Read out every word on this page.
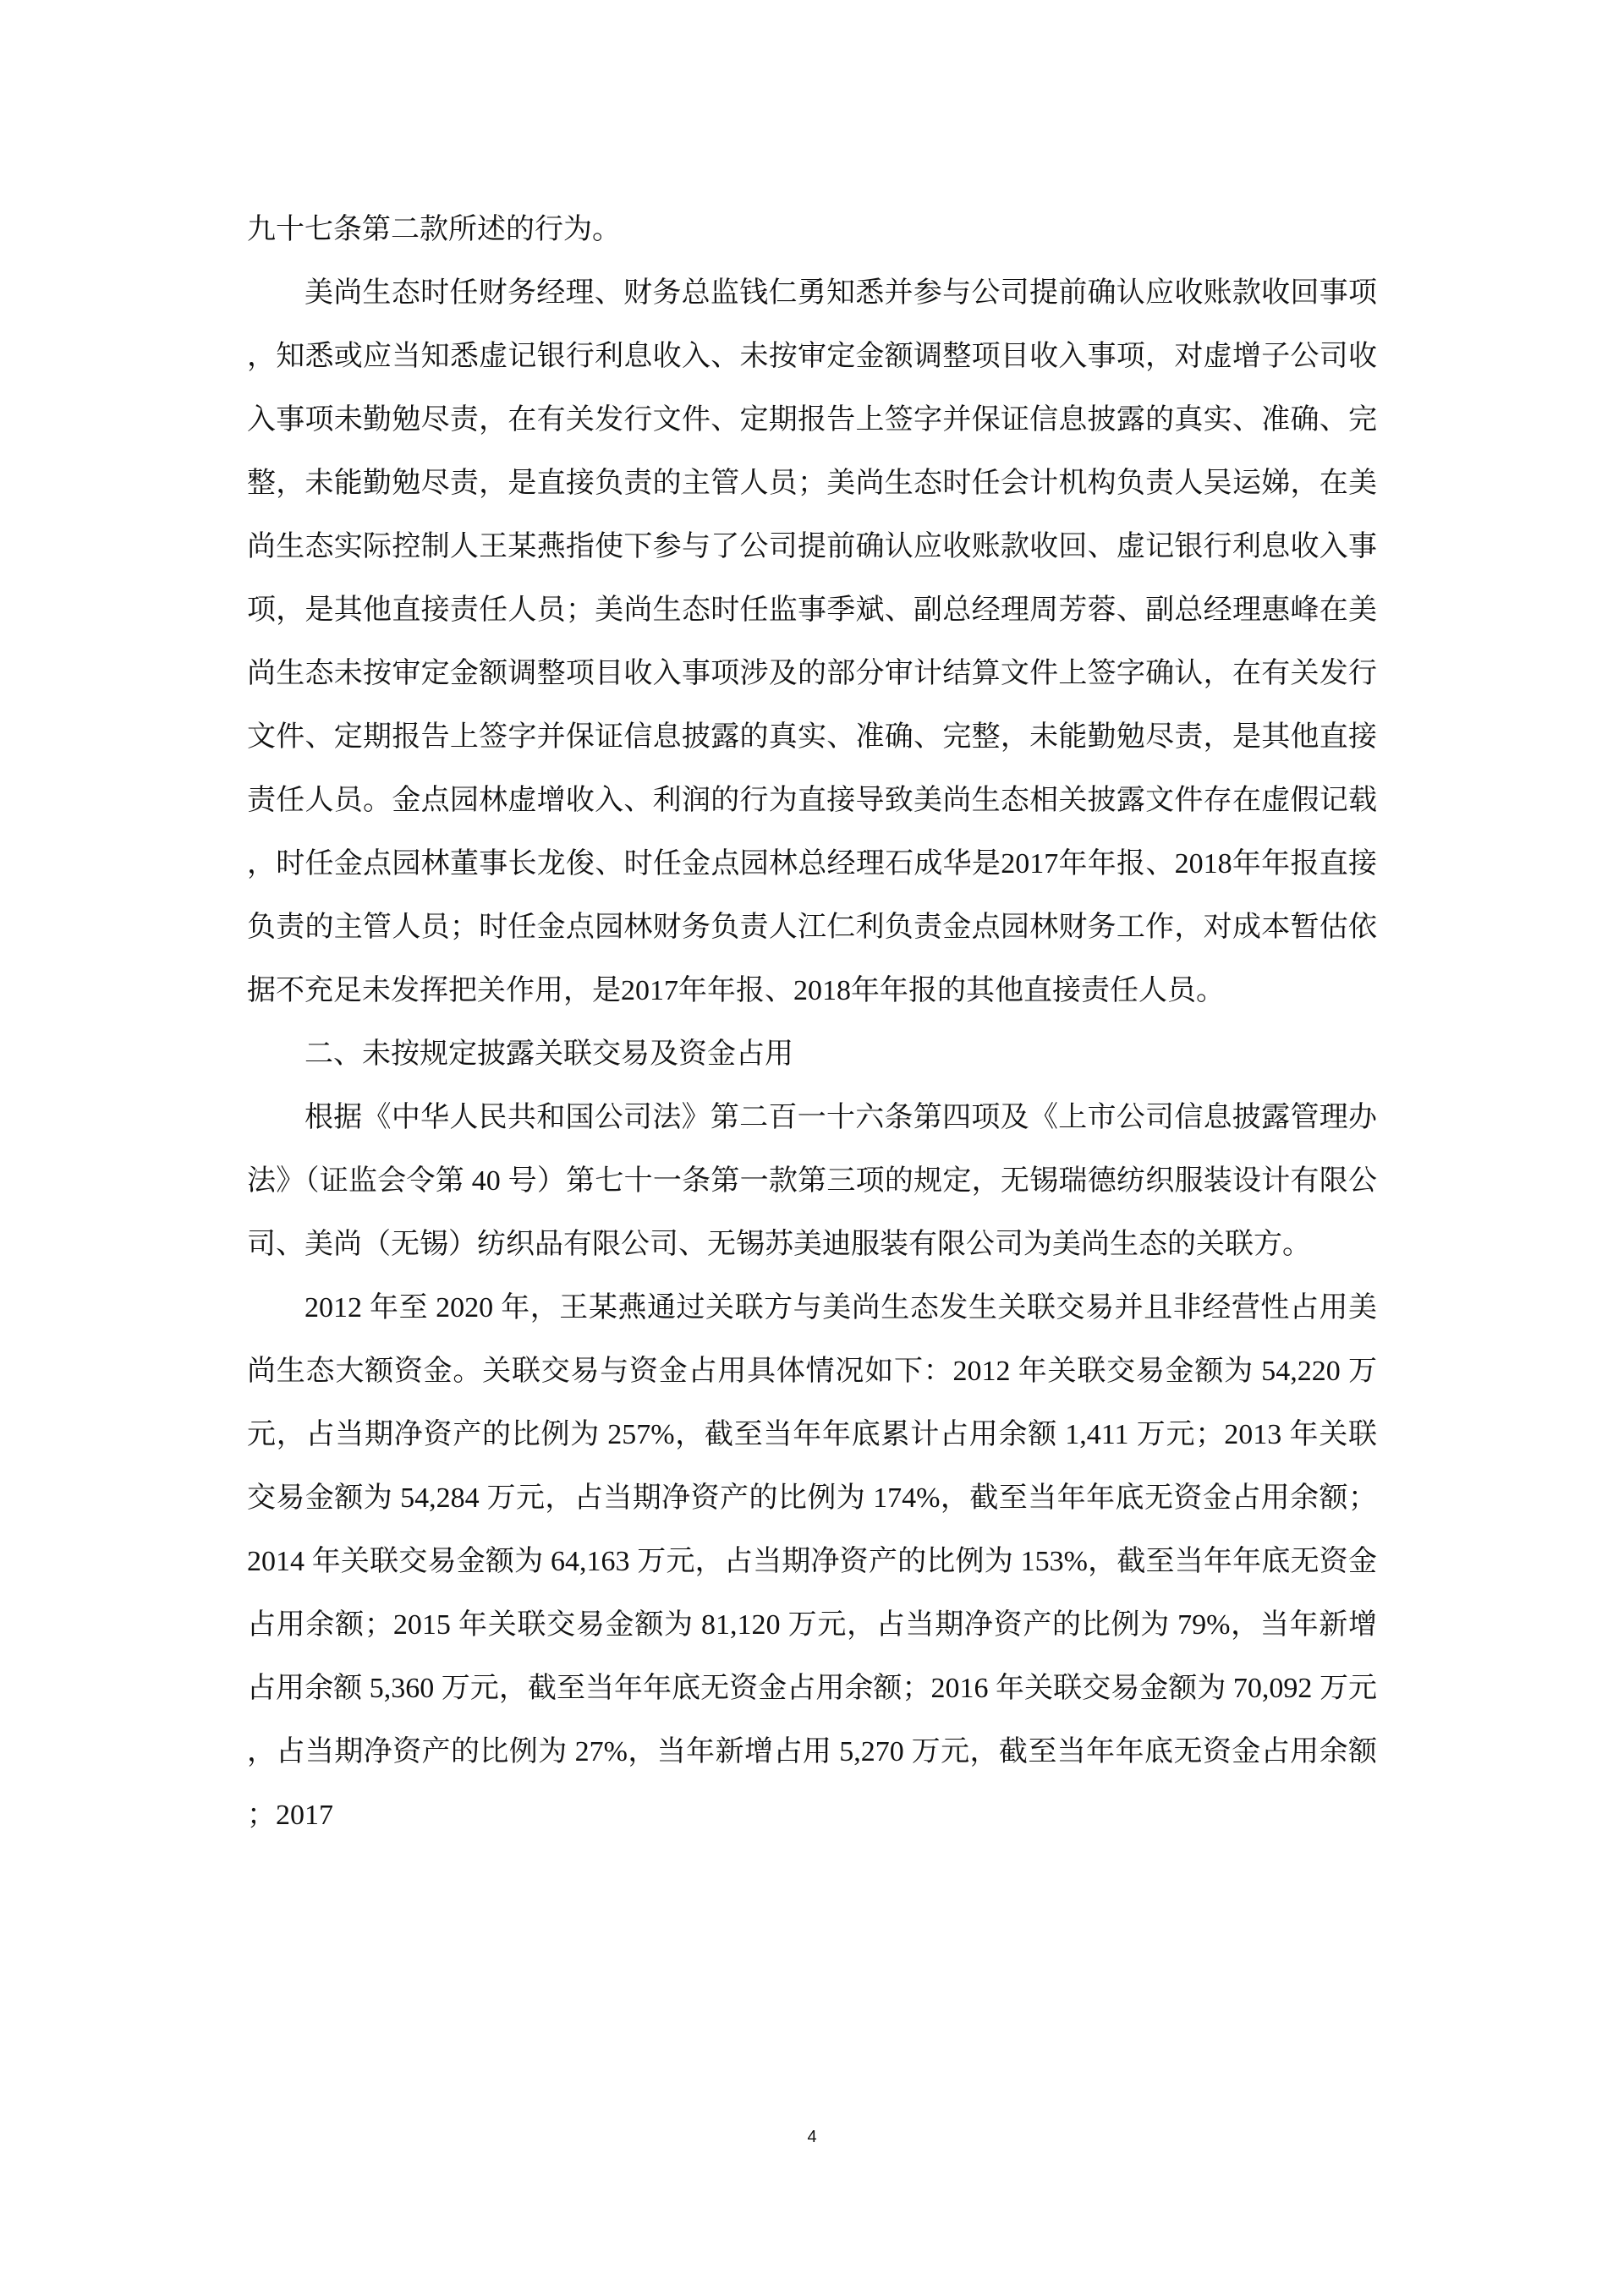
九十七条第二款所述的行为。

美尚生态时任财务经理、财务总监钱仁勇知悉并参与公司提前确认应收账款收回事项，知悉或应当知悉虚记银行利息收入、未按审定金额调整项目收入事项，对虚增子公司收入事项未勤勉尽责，在有关发行文件、定期报告上签字并保证信息披露的真实、准确、完整，未能勤勉尽责，是直接负责的主管人员；美尚生态时任会计机构负责人吴运娣，在美尚生态实际控制人王某燕指使下参与了公司提前确认应收账款收回、虚记银行利息收入事项，是其他直接责任人员；美尚生态时任监事季斌、副总经理周芳蓉、副总经理惠峰在美尚生态未按审定金额调整项目收入事项涉及的部分审计结算文件上签字确认，在有关发行文件、定期报告上签字并保证信息披露的真实、准确、完整，未能勤勉尽责，是其他直接责任人员。金点园林虚增收入、利润的行为直接导致美尚生态相关披露文件存在虚假记载，时任金点园林董事长龙俊、时任金点园林总经理石成华是2017年年报、2018年年报直接负责的主管人员；时任金点园林财务负责人江仁利负责金点园林财务工作，对成本暂估依据不充足未发挥把关作用，是2017年年报、2018年年报的其他直接责任人员。

二、未按规定披露关联交易及资金占用

根据《中华人民共和国公司法》第二百一十六条第四项及《上市公司信息披露管理办法》（证监会令第 40 号）第七十一条第一款第三项的规定，无锡瑞德纺织服装设计有限公司、美尚（无锡）纺织品有限公司、无锡苏美迪服装有限公司为美尚生态的关联方。

2012 年至 2020 年，王某燕通过关联方与美尚生态发生关联交易并且非经营性占用美尚生态大额资金。关联交易与资金占用具体情况如下：2012 年关联交易金额为 54,220 万元，占当期净资产的比例为 257%，截至当年年底累计占用余额 1,411 万元；2013 年关联交易金额为 54,284 万元，占当期净资产的比例为 174%，截至当年年底无资金占用余额；2014 年关联交易金额为 64,163 万元，占当期净资产的比例为 153%，截至当年年底无资金占用余额；2015 年关联交易金额为 81,120 万元，占当期净资产的比例为 79%，当年新增占用余额 5,360 万元，截至当年年底无资金占用余额；2016 年关联交易金额为 70,092 万元，占当期净资产的比例为 27%，当年新增占用 5,270 万元，截至当年年底无资金占用余额；2017

4
